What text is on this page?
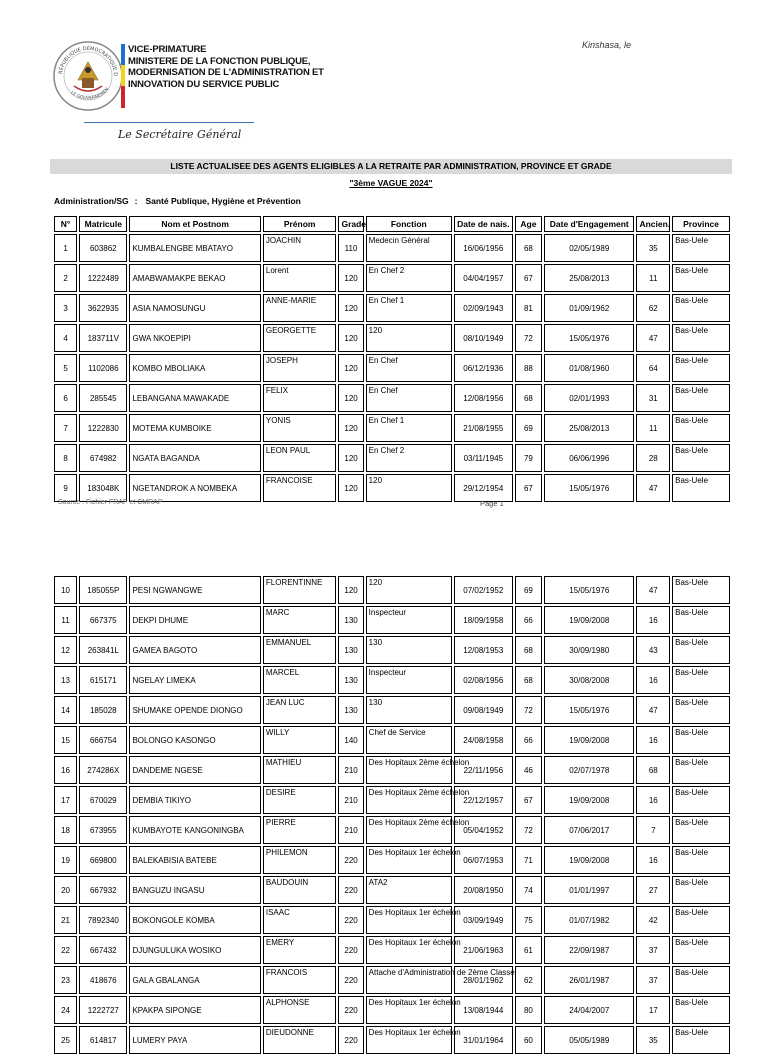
RÉPUBLIQUE DÉMOCRATIQUE D
LE GOUVERNEMEN
VICE-PRIMATURE
MINISTERE DE LA FONCTION PUBLIQUE,
MODERNISATION DE L'ADMINISTRATION ET
INNOVATION DU SERVICE PUBLIC
Kinshasa, le
Le Secrétaire Général
LISTE ACTUALISEE DES AGENTS ELIGIBLES A LA RETRAITE PAR ADMINISTRATION, PROVINCE ET GRADE
"3ème VAGUE 2024"
Administration/SG : Santé Publique, Hygiène et Prévention
N°	Matricule	Nom et Postnom	Prénom	Grade	Fonction	Date de nais.	Age	Date d'Engagement	Ancien.	Province
1	603862	KUMBALENGBE MBATAYO	JOACHIN	110	Medecin Général	16/06/1956	68	02/05/1989	35	Bas-Uele
2	1222489	AMABWAMAKPE BEKAO	Lorent	120	En Chef 2	04/04/1957	67	25/08/2013	11	Bas-Uele
3	3622935	ASIA NAMOSUNGU	ANNE-MARIE	120	En Chef 1	02/09/1943	81	01/09/1962	62	Bas-Uele
4	183711V	GWA NKOEPIPI	GEORGETTE	120	120	08/10/1949	72	15/05/1976	47	Bas-Uele
5	1102086	KOMBO MBOLIAKA	JOSEPH	120	En Chef	06/12/1936	88	01/08/1960	64	Bas-Uele
6	285545	LEBANGANA MAWAKADE	FELIX	120	En Chef	12/08/1956	68	02/01/1993	31	Bas-Uele
7	1222830	MOTEMA KUMBOIKE	YONIS	120	En Chef 1	21/08/1955	69	25/08/2013	11	Bas-Uele
8	674982	NGATA BAGANDA	LEON PAUL	120	En Chef 2	03/11/1945	79	06/06/1996	28	Bas-Uele
9	183048K	NGETANDROK A NOMBEKA	FRANCOISE	120	120	29/12/1954	67	15/05/1976	47	Bas-Uele
Source : Fichier FRAP et CMRAP	Page 1
10	185055P	PESI NGWANGWE	FLORENTINNE	120	120	07/02/1952	69	15/05/1976	47	Bas-Uele
11	667375	DEKPI DHUME	MARC	130	Inspecteur	18/09/1958	66	19/09/2008	16	Bas-Uele
12	263841L	GAMEA BAGOTO	EMMANUEL	130	130	12/08/1953	68	30/09/1980	43	Bas-Uele
13	615171	NGELAY LIMEKA	MARCEL	130	Inspecteur	02/08/1956	68	30/08/2008	16	Bas-Uele
14	185028	SHUMAKE OPENDE DIONGO	JEAN LUC	130	130	09/08/1949	72	15/05/1976	47	Bas-Uele
15	666754	BOLONGO KASONGO	WILLY	140	Chef de Service	24/08/1958	66	19/09/2008	16	Bas-Uele
16	274286X	DANDEME NGESE	MATHIEU	210	Des Hopitaux 2ème échelon	22/11/1956	46	02/07/1978	68	Bas-Uele
17	670029	DEMBIA TIKIYO	DESIRE	210	Des Hopitaux 2ème échelon	22/12/1957	67	19/09/2008	16	Bas-Uele
18	673955	KUMBAYOTE KANGONINGBA	PIERRE	210	Des Hopitaux 2ème échelon	05/04/1952	72	07/06/2017	7	Bas-Uele
19	669800	BALEKABISIA BATEBE	PHILEMON	220	Des Hopitaux 1er échelon	06/07/1953	71	19/09/2008	16	Bas-Uele
20	667932	BANGUZU INGASU	BAUDOUIN	220	ATA2	20/08/1950	74	01/01/1997	27	Bas-Uele
21	7892340	BOKONGOLE KOMBA	ISAAC	220	Des Hopitaux 1er échelon	03/09/1949	75	01/07/1982	42	Bas-Uele
22	667432	DJUNGULUKA WOSIKO	EMERY	220	Des Hopitaux 1er échelon	21/06/1963	61	22/09/1987	37	Bas-Uele
23	418676	GALA GBALANGA	FRANCOIS	220	Attache d'Administration de 2ème Classe	28/01/1962	62	26/01/1987	37	Bas-Uele
24	1222727	KPAKPA SIPONGE	ALPHONSE	220	Des Hopitaux 1er échelon	13/08/1944	80	24/04/2007	17	Bas-Uele
25	614817	LUMERY PAYA	DIEUDONNE	220	Des Hopitaux 1er échelon	31/01/1964	60	05/05/1989	35	Bas-Uele
